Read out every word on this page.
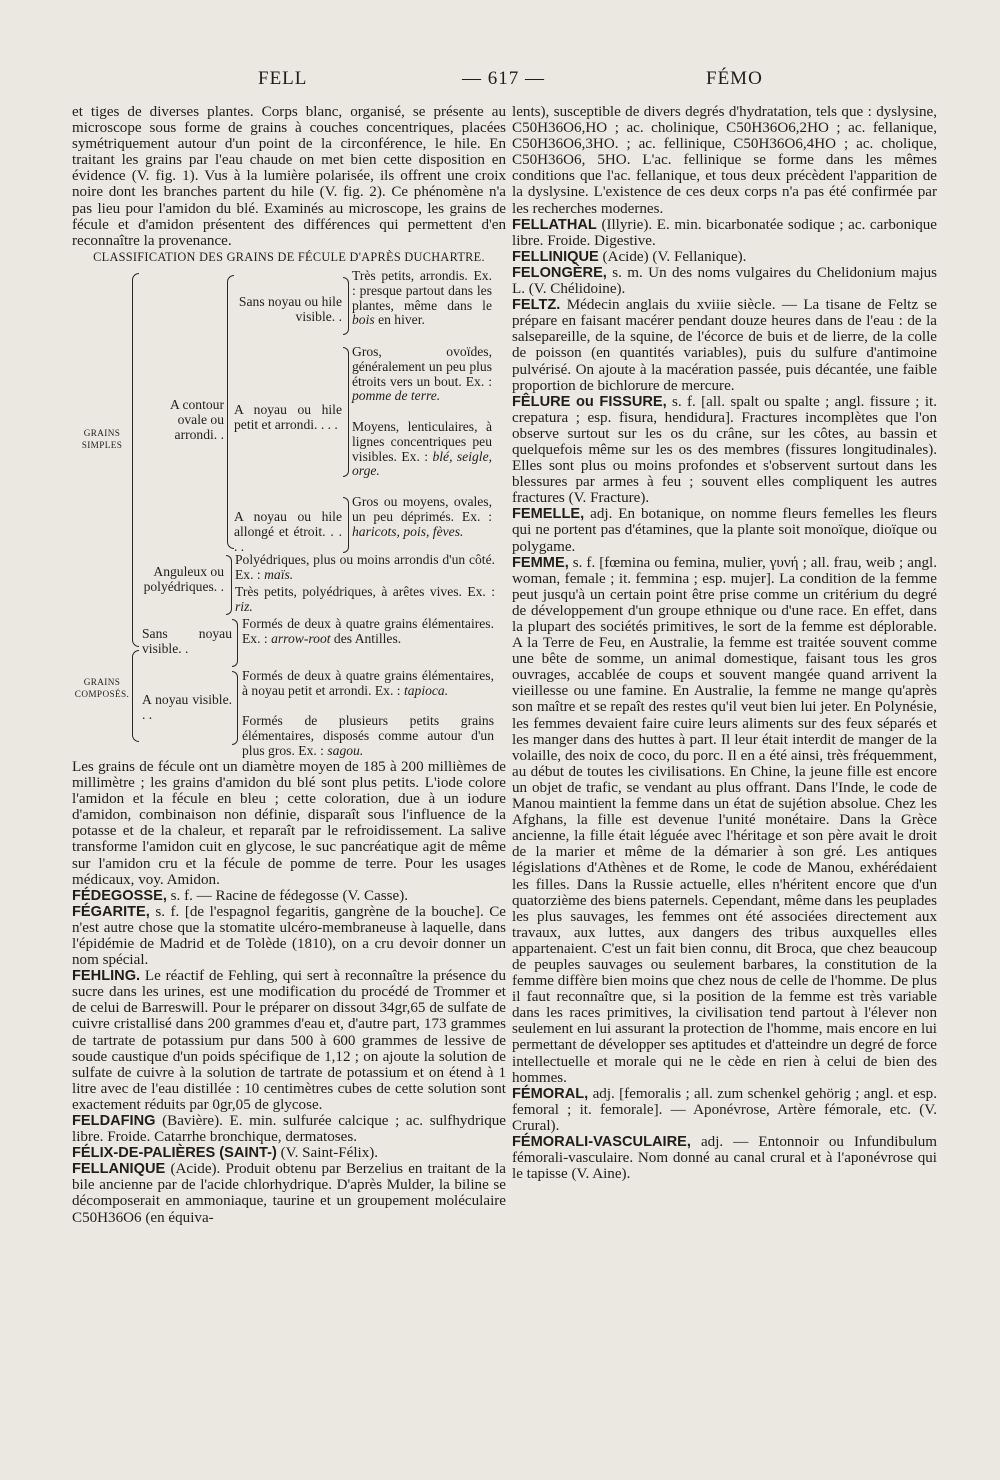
FELL	— 617 —	FÉMO

et tiges de diverses plantes. Corps blanc, organisé, se présente au microscope sous forme de grains à couches concentriques, placées symétriquement autour d'un point de la circonférence, le hile. En traitant les grains par l'eau chaude on met bien cette disposition en évidence (V. fig. 1). Vus à la lumière polarisée, ils offrent une croix noire dont les branches partent du hile (V. fig. 2). Ce phénomène n'a pas lieu pour l'amidon du blé. Examinés au microscope, les grains de fécule et d'amidon présentent des différences qui permettent d'en reconnaître la provenance.

CLASSIFICATION DES GRAINS DE FÉCULE D'APRÈS DUCHARTRE.

GRAINS SIMPLES
GRAINS COMPOSÉS.
A contour ovale ou arrondi. .
Sans noyau ou hile visible. .
Très petits, arrondis. Ex. : presque partout dans les plantes, même dans le bois en hiver.
A noyau ou hile petit et arrondi. . . .
Gros, ovoïdes, généralement un peu plus étroits vers un bout. Ex. : pomme de terre.
Moyens, lenticulaires, à lignes concentriques peu visibles. Ex. : blé, seigle, orge.
A noyau ou hile allongé et étroit. . . . .
Gros ou moyens, ovales, un peu déprimés. Ex. : haricots, pois, fèves.
Anguleux ou polyédriques. .
Polyédriques, plus ou moins arrondis d'un côté. Ex. : maïs.
Très petits, polyédriques, à arêtes vives. Ex. : riz.
Sans noyau visible. .
Formés de deux à quatre grains élémentaires. Ex. : arrow-root des Antilles.
A noyau visible. . .
Formés de deux à quatre grains élémentaires, à noyau petit et arrondi. Ex. : tapioca.
Formés de plusieurs petits grains élémentaires, disposés comme autour d'un plus gros. Ex. : sagou.

Les grains de fécule ont un diamètre moyen de 185 à 200 millièmes de millimètre ; les grains d'amidon du blé sont plus petits. L'iode colore l'amidon et la fécule en bleu ; cette coloration, due à un iodure d'amidon, combinaison non définie, disparaît sous l'influence de la potasse et de la chaleur, et reparaît par le refroidissement. La salive transforme l'amidon cuit en glycose, le suc pancréatique agit de même sur l'amidon cru et la fécule de pomme de terre. Pour les usages médicaux, voy. Amidon.

FÉDEGOSSE, s. f. — Racine de fédegosse (V. Casse).

FÉGARITE, s. f. [de l'espagnol fegaritis, gangrène de la bouche]. Ce n'est autre chose que la stomatite ulcéro-membraneuse à laquelle, dans l'épidémie de Madrid et de Tolède (1810), on a cru devoir donner un nom spécial.

FEHLING. Le réactif de Fehling, qui sert à reconnaître la présence du sucre dans les urines, est une modification du procédé de Trommer et de celui de Barreswill. Pour le préparer on dissout 34gr,65 de sulfate de cuivre cristallisé dans 200 grammes d'eau et, d'autre part, 173 grammes de tartrate de potassium pur dans 500 à 600 grammes de lessive de soude caustique d'un poids spécifique de 1,12 ; on ajoute la solution de sulfate de cuivre à la solution de tartrate de potassium et on étend à 1 litre avec de l'eau distillée : 10 centimètres cubes de cette solution sont exactement réduits par 0gr,05 de glycose.

FELDAFING (Bavière). E. min. sulfurée calcique ; ac. sulfhydrique libre. Froide. Catarrhe bronchique, dermatoses.

FÉLIX-DE-PALIÈRES (SAINT-) (V. Saint-Félix).

FELLANIQUE (Acide). Produit obtenu par Berzelius en traitant de la bile ancienne par de l'acide chlorhydrique. D'après Mulder, la biline se décomposerait en ammoniaque, taurine et un groupement moléculaire C50H36O6 (en équiva-

lents), susceptible de divers degrés d'hydratation, tels que : dyslysine, C50H36O6,HO ; ac. cholinique, C50H36O6,2HO ; ac. fellanique, C50H36O6,3HO. ; ac. fellinique, C50H36O6,4HO ; ac. cholique, C50H36O6, 5HO. L'ac. fellinique se forme dans les mêmes conditions que l'ac. fellanique, et tous deux précèdent l'apparition de la dyslysine. L'existence de ces deux corps n'a pas été confirmée par les recherches modernes.

FELLATHAL (Illyrie). E. min. bicarbonatée sodique ; ac. carbonique libre. Froide. Digestive.

FELLINIQUE (Acide) (V. Fellanique).

FELONGÈRE, s. m. Un des noms vulgaires du Chelidonium majus L. (V. Chélidoine).

FELTZ. Médecin anglais du xviiie siècle. — La tisane de Feltz se prépare en faisant macérer pendant douze heures dans de l'eau : de la salsepareille, de la squine, de l'écorce de buis et de lierre, de la colle de poisson (en quantités variables), puis du sulfure d'antimoine pulvérisé. On ajoute à la macération passée, puis décantée, une faible proportion de bichlorure de mercure.

FÊLURE ou FISSURE, s. f. [all. spalt ou spalte ; angl. fissure ; it. crepatura ; esp. fisura, hendidura]. Fractures incomplètes que l'on observe surtout sur les os du crâne, sur les côtes, au bassin et quelquefois même sur les os des membres (fissures longitudinales). Elles sont plus ou moins profondes et s'observent surtout dans les blessures par armes à feu ; souvent elles compliquent les autres fractures (V. Fracture).

FEMELLE, adj. En botanique, on nomme fleurs femelles les fleurs qui ne portent pas d'étamines, que la plante soit monoïque, dioïque ou polygame.

FEMME, s. f. [fœmina ou femina, mulier, γυνή ; all. frau, weib ; angl. woman, female ; it. femmina ; esp. mujer]. La condition de la femme peut jusqu'à un certain point être prise comme un critérium du degré de développement d'un groupe ethnique ou d'une race. En effet, dans la plupart des sociétés primitives, le sort de la femme est déplorable. A la Terre de Feu, en Australie, la femme est traitée souvent comme une bête de somme, un animal domestique, faisant tous les gros ouvrages, accablée de coups et souvent mangée quand arrivent la vieillesse ou une famine. En Australie, la femme ne mange qu'après son maître et se repaît des restes qu'il veut bien lui jeter. En Polynésie, les femmes devaient faire cuire leurs aliments sur des feux séparés et les manger dans des huttes à part. Il leur était interdit de manger de la volaille, des noix de coco, du porc. Il en a été ainsi, très fréquemment, au début de toutes les civilisations. En Chine, la jeune fille est encore un objet de trafic, se vendant au plus offrant. Dans l'Inde, le code de Manou maintient la femme dans un état de sujétion absolue. Chez les Afghans, la fille est devenue l'unité monétaire. Dans la Grèce ancienne, la fille était léguée avec l'héritage et son père avait le droit de la marier et même de la démarier à son gré. Les antiques législations d'Athènes et de Rome, le code de Manou, exhérédaient les filles. Dans la Russie actuelle, elles n'héritent encore que d'un quatorzième des biens paternels. Cependant, même dans les peuplades les plus sauvages, les femmes ont été associées directement aux travaux, aux luttes, aux dangers des tribus auxquelles elles appartenaient. C'est un fait bien connu, dit Broca, que chez beaucoup de peuples sauvages ou seulement barbares, la constitution de la femme diffère bien moins que chez nous de celle de l'homme. De plus il faut reconnaître que, si la position de la femme est très variable dans les races primitives, la civilisation tend partout à l'élever non seulement en lui assurant la protection de l'homme, mais encore en lui permettant de développer ses aptitudes et d'atteindre un degré de force intellectuelle et morale qui ne le cède en rien à celui de bien des hommes.

FÉMORAL, adj. [femoralis ; all. zum schenkel gehörig ; angl. et esp. femoral ; it. femorale]. — Aponévrose, Artère fémorale, etc. (V. Crural).

FÉMORALI-VASCULAIRE, adj. — Entonnoir ou Infundibulum fémorali-vasculaire. Nom donné au canal crural et à l'aponévrose qui le tapisse (V. Aine).
